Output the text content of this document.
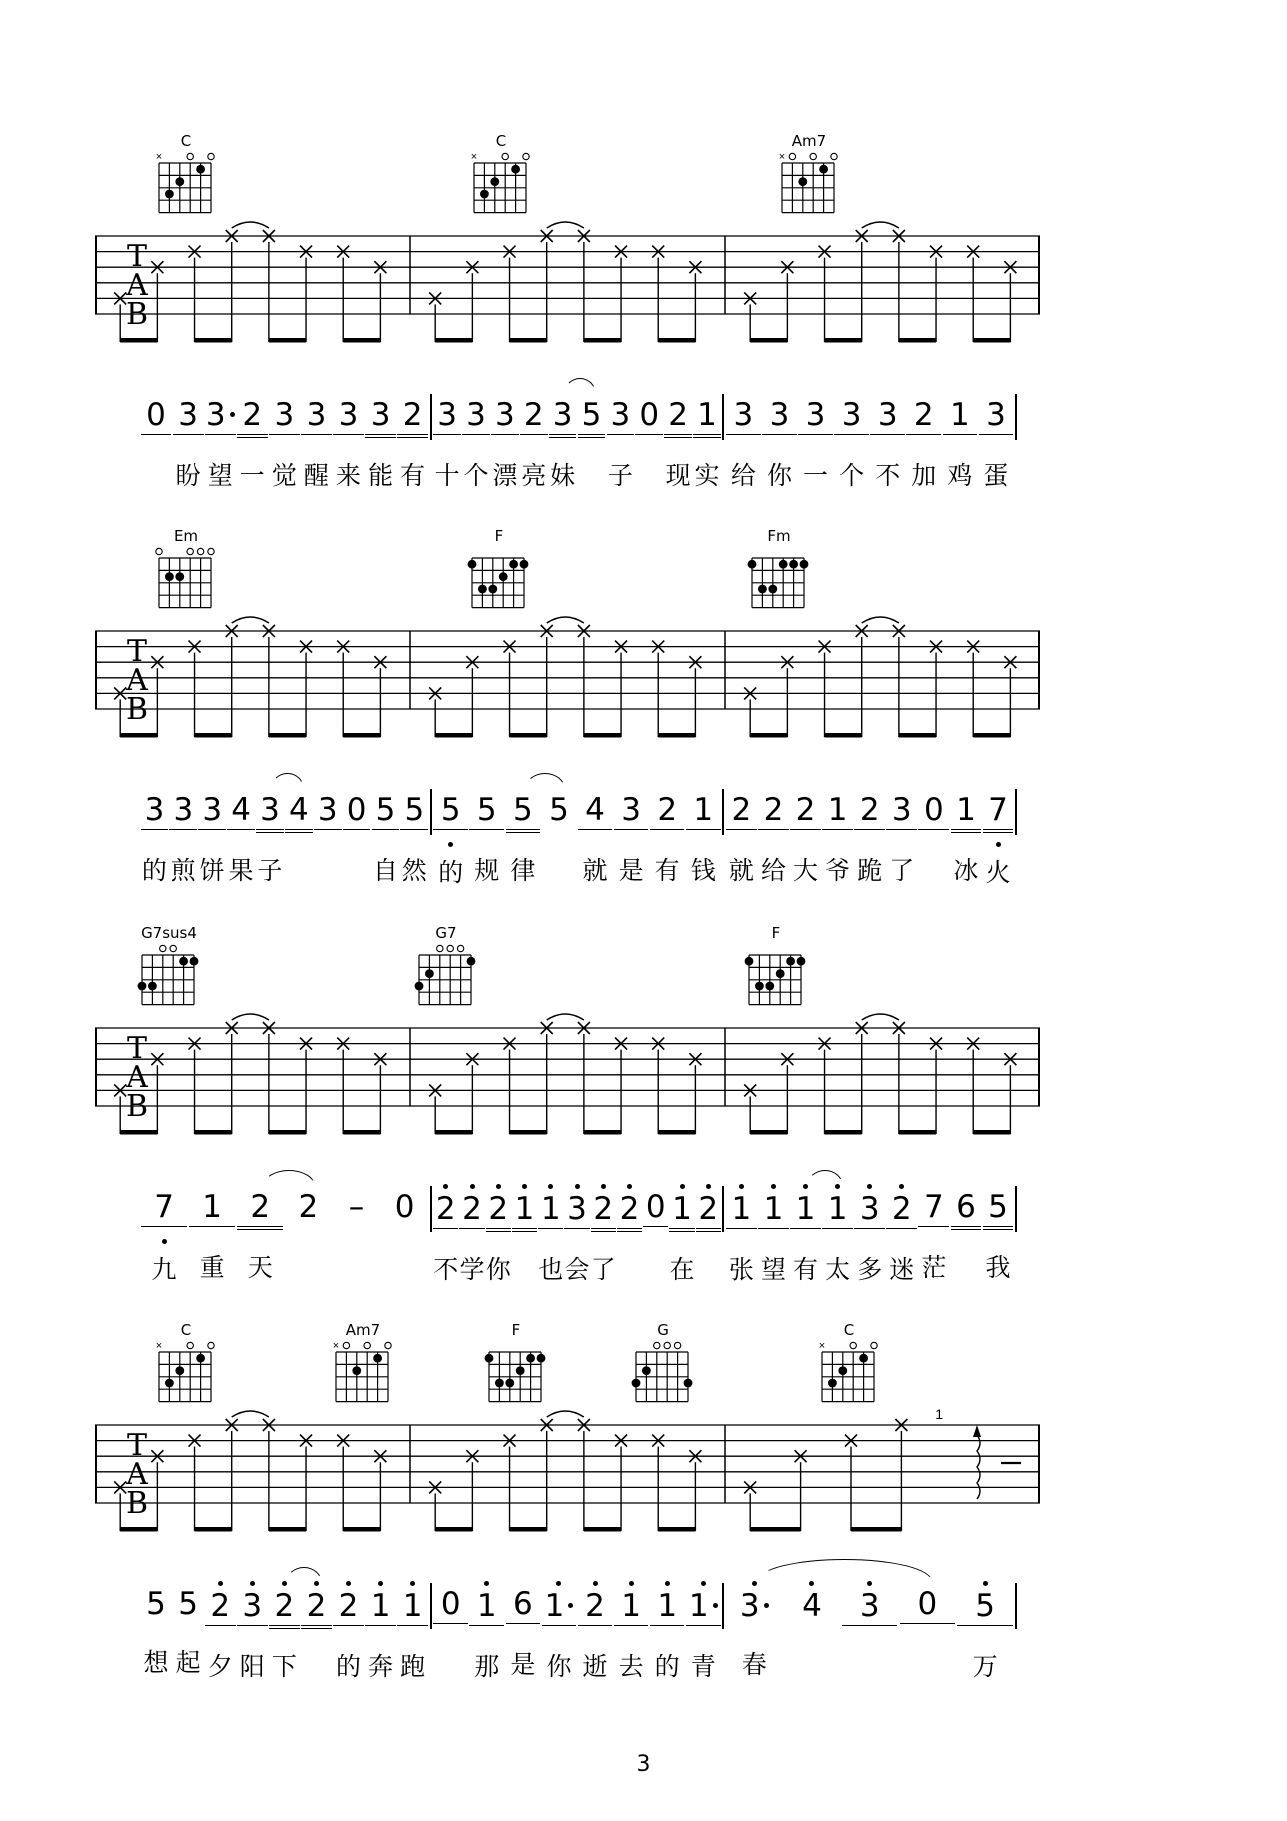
C
×
C
×
Am7
×
T
A
B
0 3
盼
3
望
2
一
3
觉
3
醒
3
来
3
能
2
有
3
十
3
个
3
漂
2
亮
3
妹
5 3
子
0 2
现
1
实
3
给
3
你
3
一
3
个
3
不
2
加
1
鸡
3
蛋
Em	F	Fm
T
A
B
3
的
3
煎
3
饼
4
果
3
子
4 3 0 5
自
5
然
5
的
5
规
5
律
5 4
就
3
是
2
有
1
钱
2
就
2
给
2
大
1
爷
2
跪
3
了
0 1
冰
7
火
G7sus4	G7	F
T
A
B
7
九
1
重
2
天
2 – 0 2
不
2
学
2
你
1 1
也
3
会
2
了
2 0 1
在
2 1
张
1
望
1
有
1
太
3
多
2
迷
7
茫
6 5
我
C
×
Am7
×
F	G	C
×
T
A
B
1
5
想
5
起
2
夕
3
阳
2
下
2 2
的
1
奔
1
跑
0 1
那
6
是
1
你
2
逝
1
去
1
的
1
青
3
春
4	3	0	5
万
3
